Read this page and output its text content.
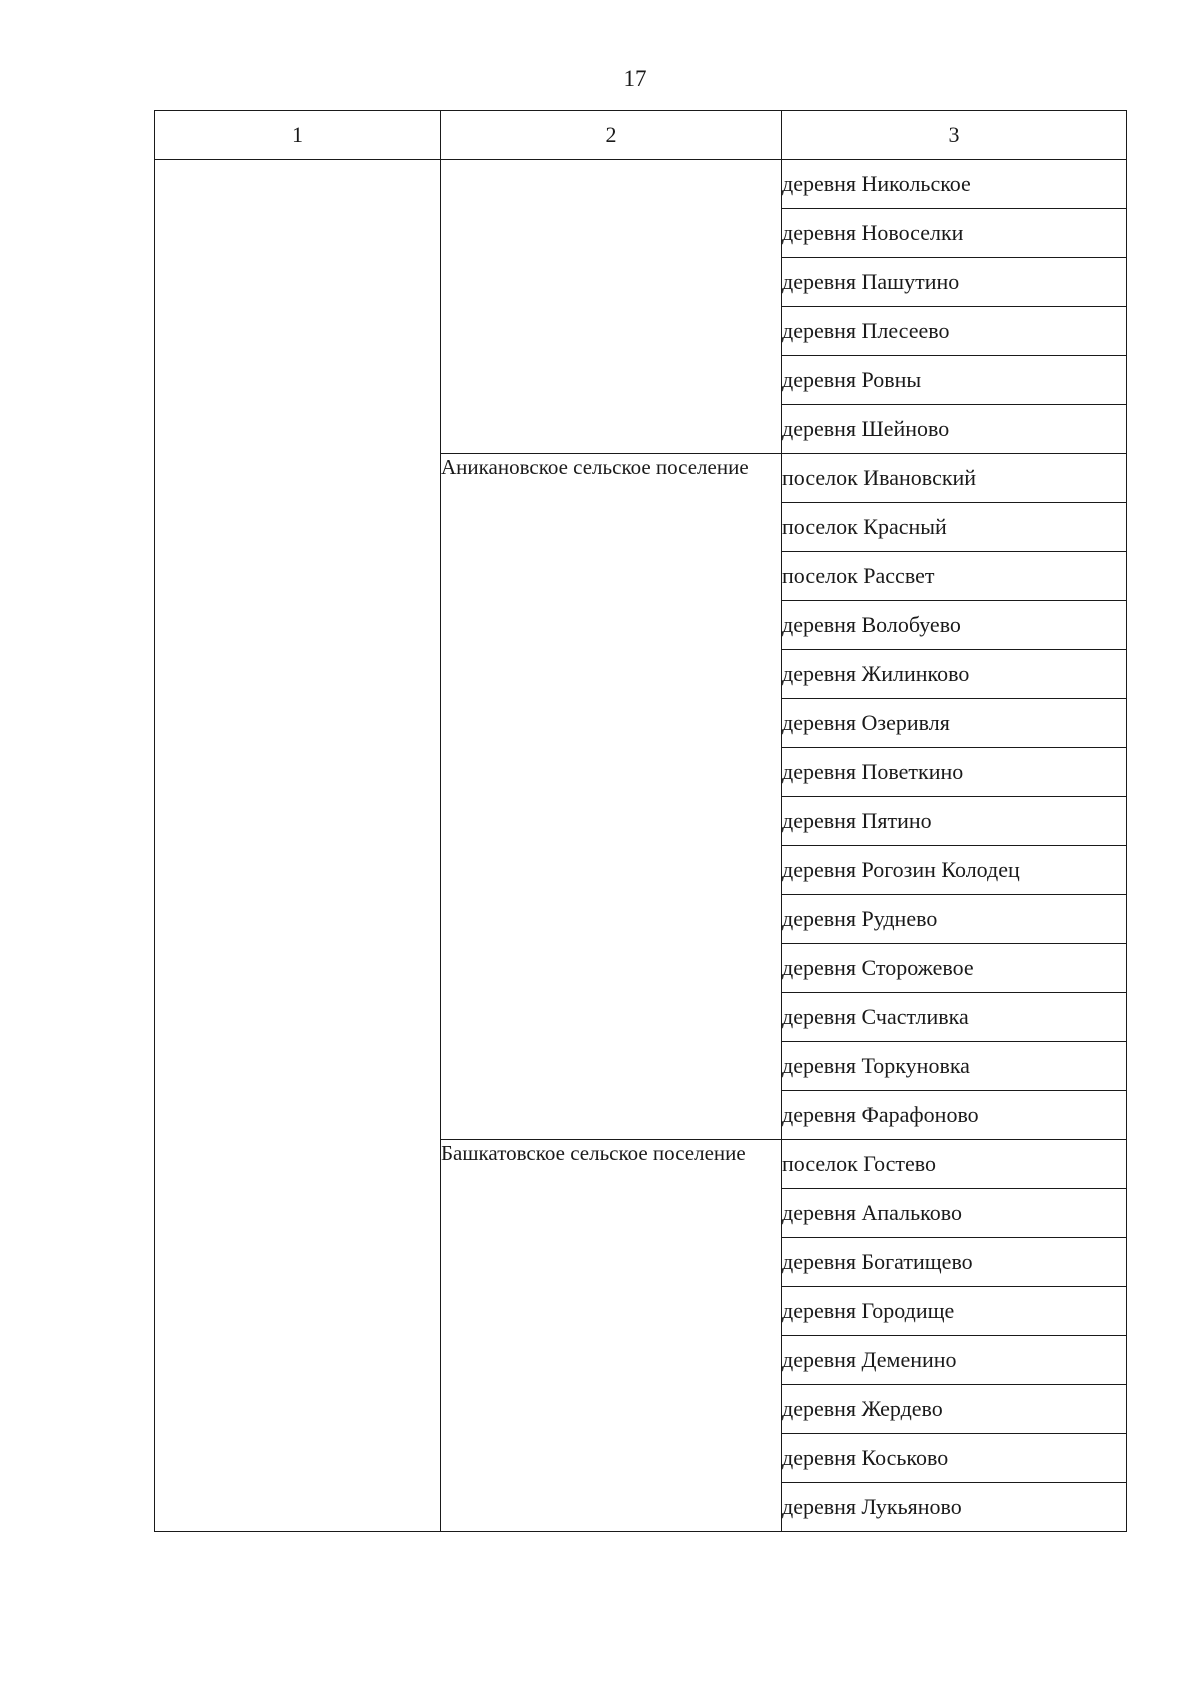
17
1	2	3
		деревня Никольское
		деревня Новоселки
		деревня Пашутино
		деревня Плесеево
		деревня Ровны
		деревня Шейново
	Аникановское сельское поселение	поселок Ивановский
		поселок Красный
		поселок Рассвет
		деревня Волобуево
		деревня Жилинково
		деревня Озеривля
		деревня Поветкино
		деревня Пятино
		деревня Рогозин Колодец
		деревня Руднево
		деревня Сторожевое
		деревня Счастливка
		деревня Торкуновка
		деревня Фарафоново
	Башкатовское сельское поселение	поселок Гостево
		деревня Апальково
		деревня Богатищево
		деревня Городище
		деревня Деменино
		деревня Жердево
		деревня Коськово
		деревня Лукьяново
